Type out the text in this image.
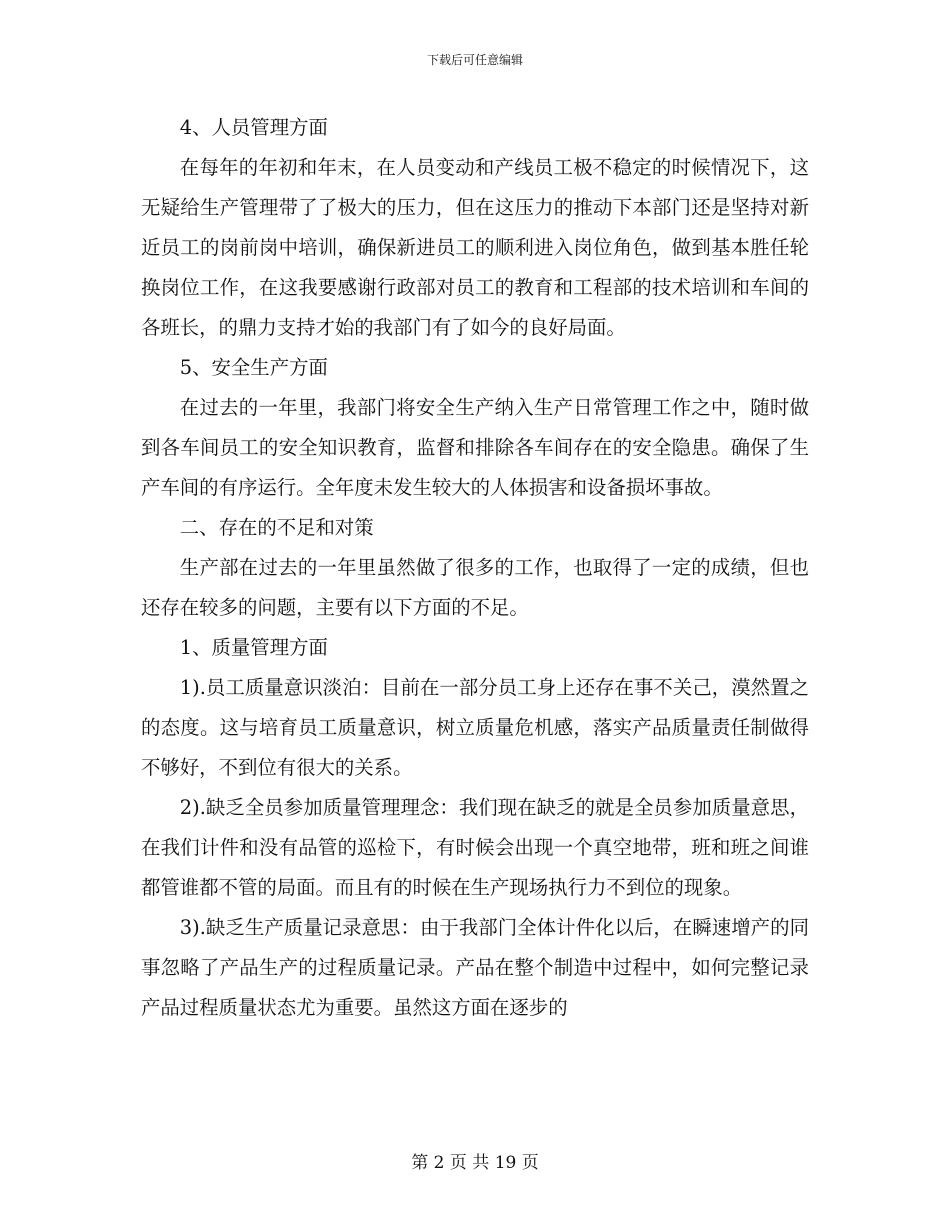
下载后可任意编辑

4、人员管理方面

在每年的年初和年末，在人员变动和产线员工极不稳定的时候情况下，这无疑给生产管理带了了极大的压力，但在这压力的推动下本部门还是坚持对新近员工的岗前岗中培训，确保新进员工的顺利进入岗位角色，做到基本胜任轮换岗位工作，在这我要感谢行政部对员工的教育和工程部的技术培训和车间的各班长，的鼎力支持才始的我部门有了如今的良好局面。

5、安全生产方面

在过去的一年里，我部门将安全生产纳入生产日常管理工作之中，随时做到各车间员工的安全知识教育，监督和排除各车间存在的安全隐患。确保了生产车间的有序运行。全年度未发生较大的人体损害和设备损坏事故。

二、存在的不足和对策

生产部在过去的一年里虽然做了很多的工作，也取得了一定的成绩，但也还存在较多的问题，主要有以下方面的不足。

1、质量管理方面

1).员工质量意识淡泊：目前在一部分员工身上还存在事不关己，漠然置之的态度。这与培育员工质量意识，树立质量危机感，落实产品质量责任制做得不够好，不到位有很大的关系。

2).缺乏全员参加质量管理理念：我们现在缺乏的就是全员参加质量意思，在我们计件和没有品管的巡检下，有时候会出现一个真空地带，班和班之间谁都管谁都不管的局面。而且有的时候在生产现场执行力不到位的现象。

3).缺乏生产质量记录意思：由于我部门全体计件化以后，在瞬速增产的同事忽略了产品生产的过程质量记录。产品在整个制造中过程中，如何完整记录产品过程质量状态尤为重要。虽然这方面在逐步的

第 2 页 共 19 页
